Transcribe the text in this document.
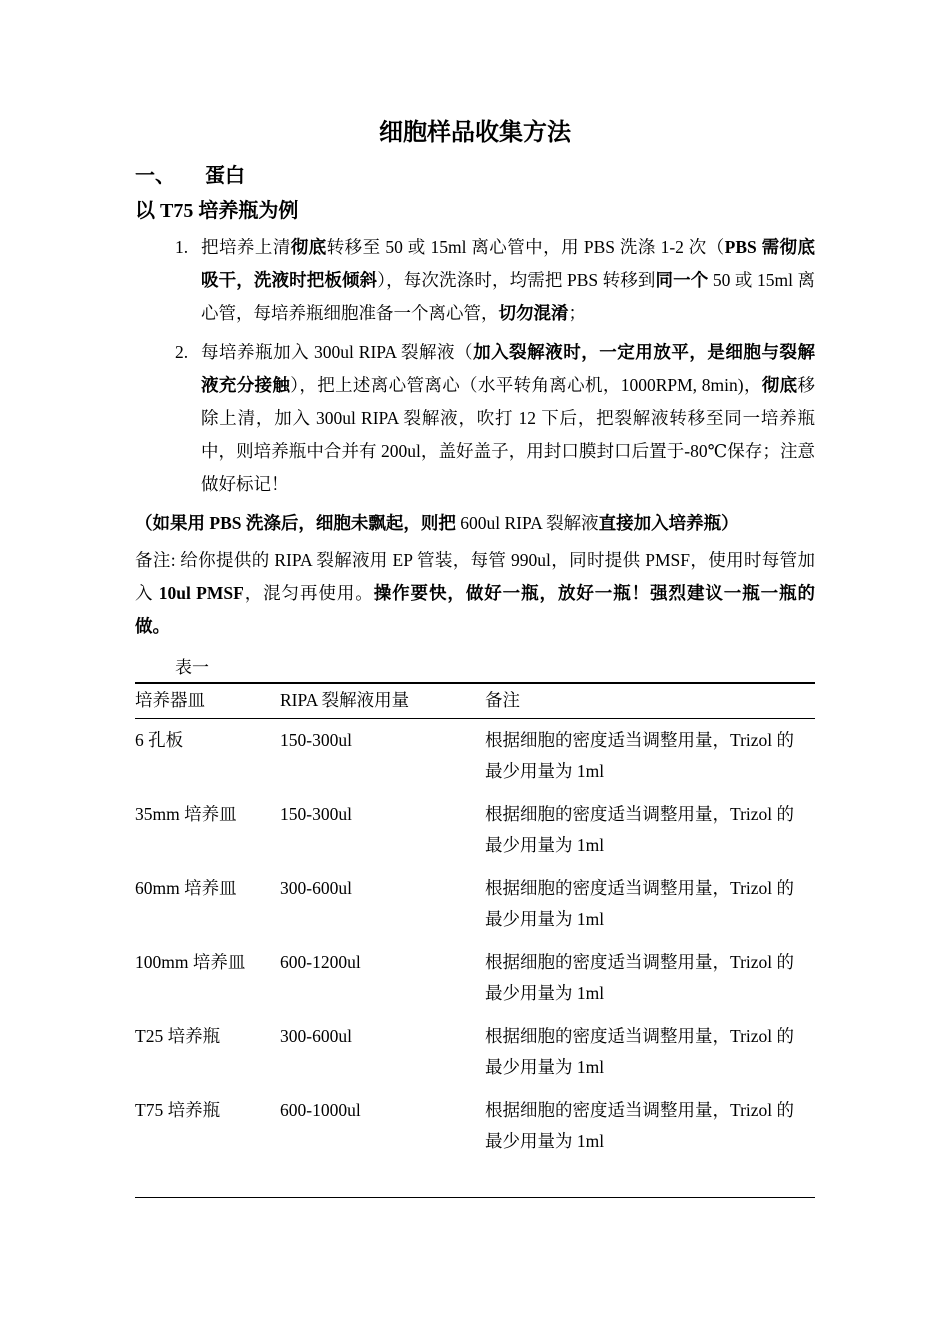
细胞样品收集方法
一、 蛋白
以 T75 培养瓶为例
1. 把培养上清彻底转移至 50 或 15ml 离心管中，用 PBS 洗涤 1-2 次（PBS 需彻底吸干，洗液时把板倾斜），每次洗涤时，均需把 PBS 转移到同一个 50 或 15ml 离心管，每培养瓶细胞准备一个离心管，切勿混淆；

2. 每培养瓶加入 300ul RIPA 裂解液（加入裂解液时，一定用放平，是细胞与裂解液充分接触），把上述离心管离心（水平转角离心机，1000RPM, 8min)，彻底移除上清，加入 300ul RIPA 裂解液，吹打 12 下后，把裂解液转移至同一培养瓶中，则培养瓶中合并有 200ul，盖好盖子，用封口膜封口后置于-80℃保存；注意做好标记！

（如果用 PBS 洗涤后，细胞未飘起，则把 600ul RIPA 裂解液直接加入培养瓶）

备注: 给你提供的 RIPA 裂解液用 EP 管装，每管 990ul，同时提供 PMSF，使用时每管加入 10ul PMSF，混匀再使用。操作要快，做好一瓶，放好一瓶！强烈建议一瓶一瓶的做。

表一
培养器皿	RIPA 裂解液用量	备注
6 孔板	150-300ul	根据细胞的密度适当调整用量，Trizol 的最少用量为 1ml
35mm 培养皿	150-300ul	根据细胞的密度适当调整用量，Trizol 的最少用量为 1ml
60mm 培养皿	300-600ul	根据细胞的密度适当调整用量，Trizol 的最少用量为 1ml
100mm 培养皿	600-1200ul	根据细胞的密度适当调整用量，Trizol 的最少用量为 1ml
T25 培养瓶	300-600ul	根据细胞的密度适当调整用量，Trizol 的最少用量为 1ml
T75 培养瓶	600-1000ul	根据细胞的密度适当调整用量，Trizol 的最少用量为 1ml
